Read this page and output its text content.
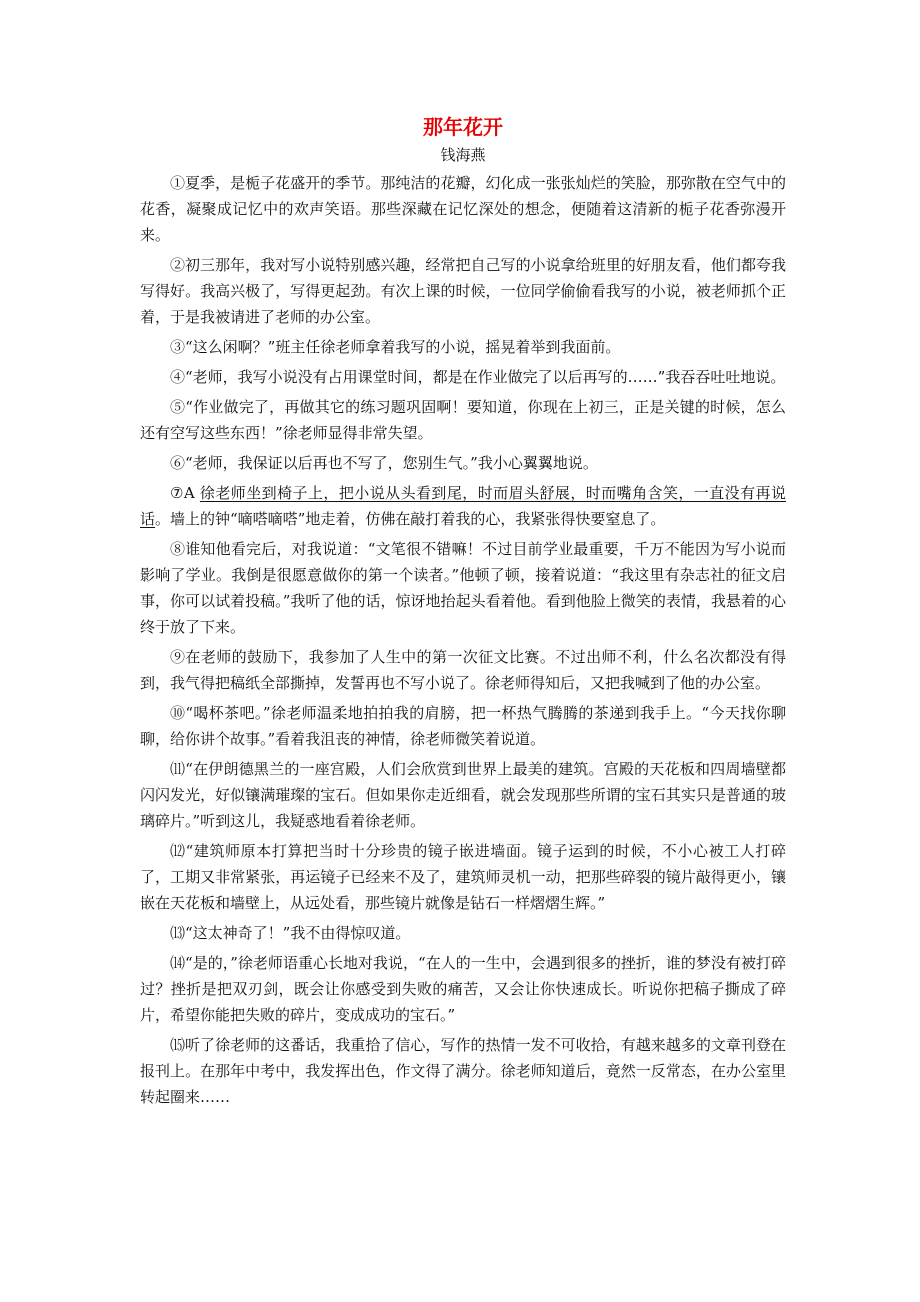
那年花开

钱海燕

①夏季，是栀子花盛开的季节。那纯洁的花瓣，幻化成一张张灿烂的笑脸，那弥散在空气中的花香，凝聚成记忆中的欢声笑语。那些深藏在记忆深处的想念，便随着这清新的栀子花香弥漫开来。

②初三那年，我对写小说特别感兴趣，经常把自己写的小说拿给班里的好朋友看，他们都夸我写得好。我高兴极了，写得更起劲。有次上课的时候，一位同学偷偷看我写的小说，被老师抓个正着，于是我被请进了老师的办公室。

③“这么闲啊？”班主任徐老师拿着我写的小说，摇晃着举到我面前。

④“老师，我写小说没有占用课堂时间，都是在作业做完了以后再写的……”我吞吞吐吐地说。

⑤“作业做完了，再做其它的练习题巩固啊！要知道，你现在上初三，正是关键的时候，怎么还有空写这些东西！”徐老师显得非常失望。

⑥“老师，我保证以后再也不写了，您别生气。”我小心翼翼地说。

⑦A 徐老师坐到椅子上，把小说从头看到尾，时而眉头舒展，时而嘴角含笑，一直没有再说话。墙上的钟“嘀嗒嘀嗒”地走着，仿佛在敲打着我的心，我紧张得快要窒息了。

⑧谁知他看完后，对我说道：“文笔很不错嘛！不过目前学业最重要，千万不能因为写小说而影响了学业。我倒是很愿意做你的第一个读者。”他顿了顿，接着说道：“我这里有杂志社的征文启事，你可以试着投稿。”我听了他的话，惊讶地抬起头看着他。看到他脸上微笑的表情，我悬着的心终于放了下来。

⑨在老师的鼓励下，我参加了人生中的第一次征文比赛。不过出师不利，什么名次都没有得到，我气得把稿纸全部撕掉，发誓再也不写小说了。徐老师得知后，又把我喊到了他的办公室。

⑩“喝杯茶吧。”徐老师温柔地拍拍我的肩膀，把一杯热气腾腾的茶递到我手上。“今天找你聊聊，给你讲个故事。”看着我沮丧的神情，徐老师微笑着说道。

⑾“在伊朗德黑兰的一座宫殿，人们会欣赏到世界上最美的建筑。宫殿的天花板和四周墙壁都闪闪发光，好似镶满璀璨的宝石。但如果你走近细看，就会发现那些所谓的宝石其实只是普通的玻璃碎片。”听到这儿，我疑惑地看着徐老师。

⑿“建筑师原本打算把当时十分珍贵的镜子嵌进墙面。镜子运到的时候，不小心被工人打碎了，工期又非常紧张，再运镜子已经来不及了，建筑师灵机一动，把那些碎裂的镜片敲得更小，镶嵌在天花板和墙壁上，从远处看，那些镜片就像是钻石一样熠熠生辉。”

⒀“这太神奇了！”我不由得惊叹道。

⒁“是的，”徐老师语重心长地对我说，“在人的一生中，会遇到很多的挫折，谁的梦没有被打碎过？挫折是把双刃剑，既会让你感受到失败的痛苦，又会让你快速成长。听说你把稿子撕成了碎片，希望你能把失败的碎片，变成成功的宝石。”

⒂听了徐老师的这番话，我重拾了信心，写作的热情一发不可收拾，有越来越多的文章刊登在报刊上。在那年中考中，我发挥出色，作文得了满分。徐老师知道后，竟然一反常态，在办公室里转起圈来……
